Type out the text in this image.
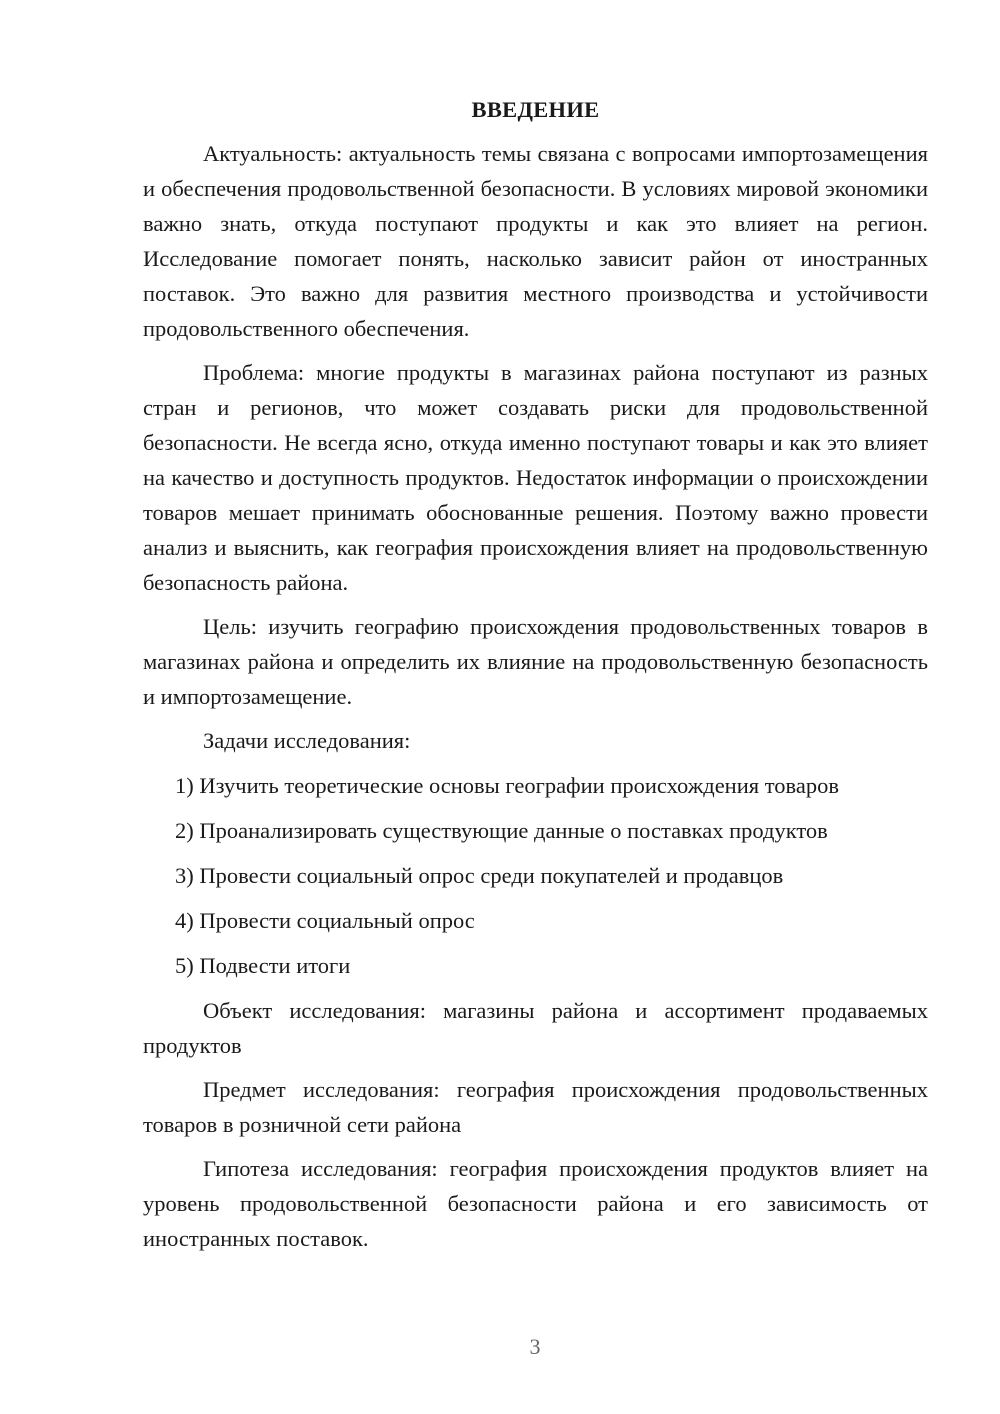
ВВЕДЕНИЕ

Актуальность: актуальность темы связана с вопросами импортозамещения и обеспечения продовольственной безопасности. В условиях мировой экономики важно знать, откуда поступают продукты и как это влияет на регион. Исследование помогает понять, насколько зависит район от иностранных поставок. Это важно для развития местного производства и устойчивости продовольственного обеспечения.

Проблема: многие продукты в магазинах района поступают из разных стран и регионов, что может создавать риски для продовольственной безопасности. Не всегда ясно, откуда именно поступают товары и как это влияет на качество и доступность продуктов. Недостаток информации о происхождении товаров мешает принимать обоснованные решения. Поэтому важно провести анализ и выяснить, как география происхождения влияет на продовольственную безопасность района.

Цель: изучить географию происхождения продовольственных товаров в магазинах района и определить их влияние на продовольственную безопасность и импортозамещение.

Задачи исследования:

1) Изучить теоретические основы географии происхождения товаров
2) Проанализировать существующие данные о поставках продуктов
3) Провести социальный опрос среди покупателей и продавцов
4) Провести социальный опрос
5) Подвести итоги

Объект исследования: магазины района и ассортимент продаваемых продуктов

Предмет исследования: география происхождения продовольственных товаров в розничной сети района

Гипотеза исследования: география происхождения продуктов влияет на уровень продовольственной безопасности района и его зависимость от иностранных поставок.

3
